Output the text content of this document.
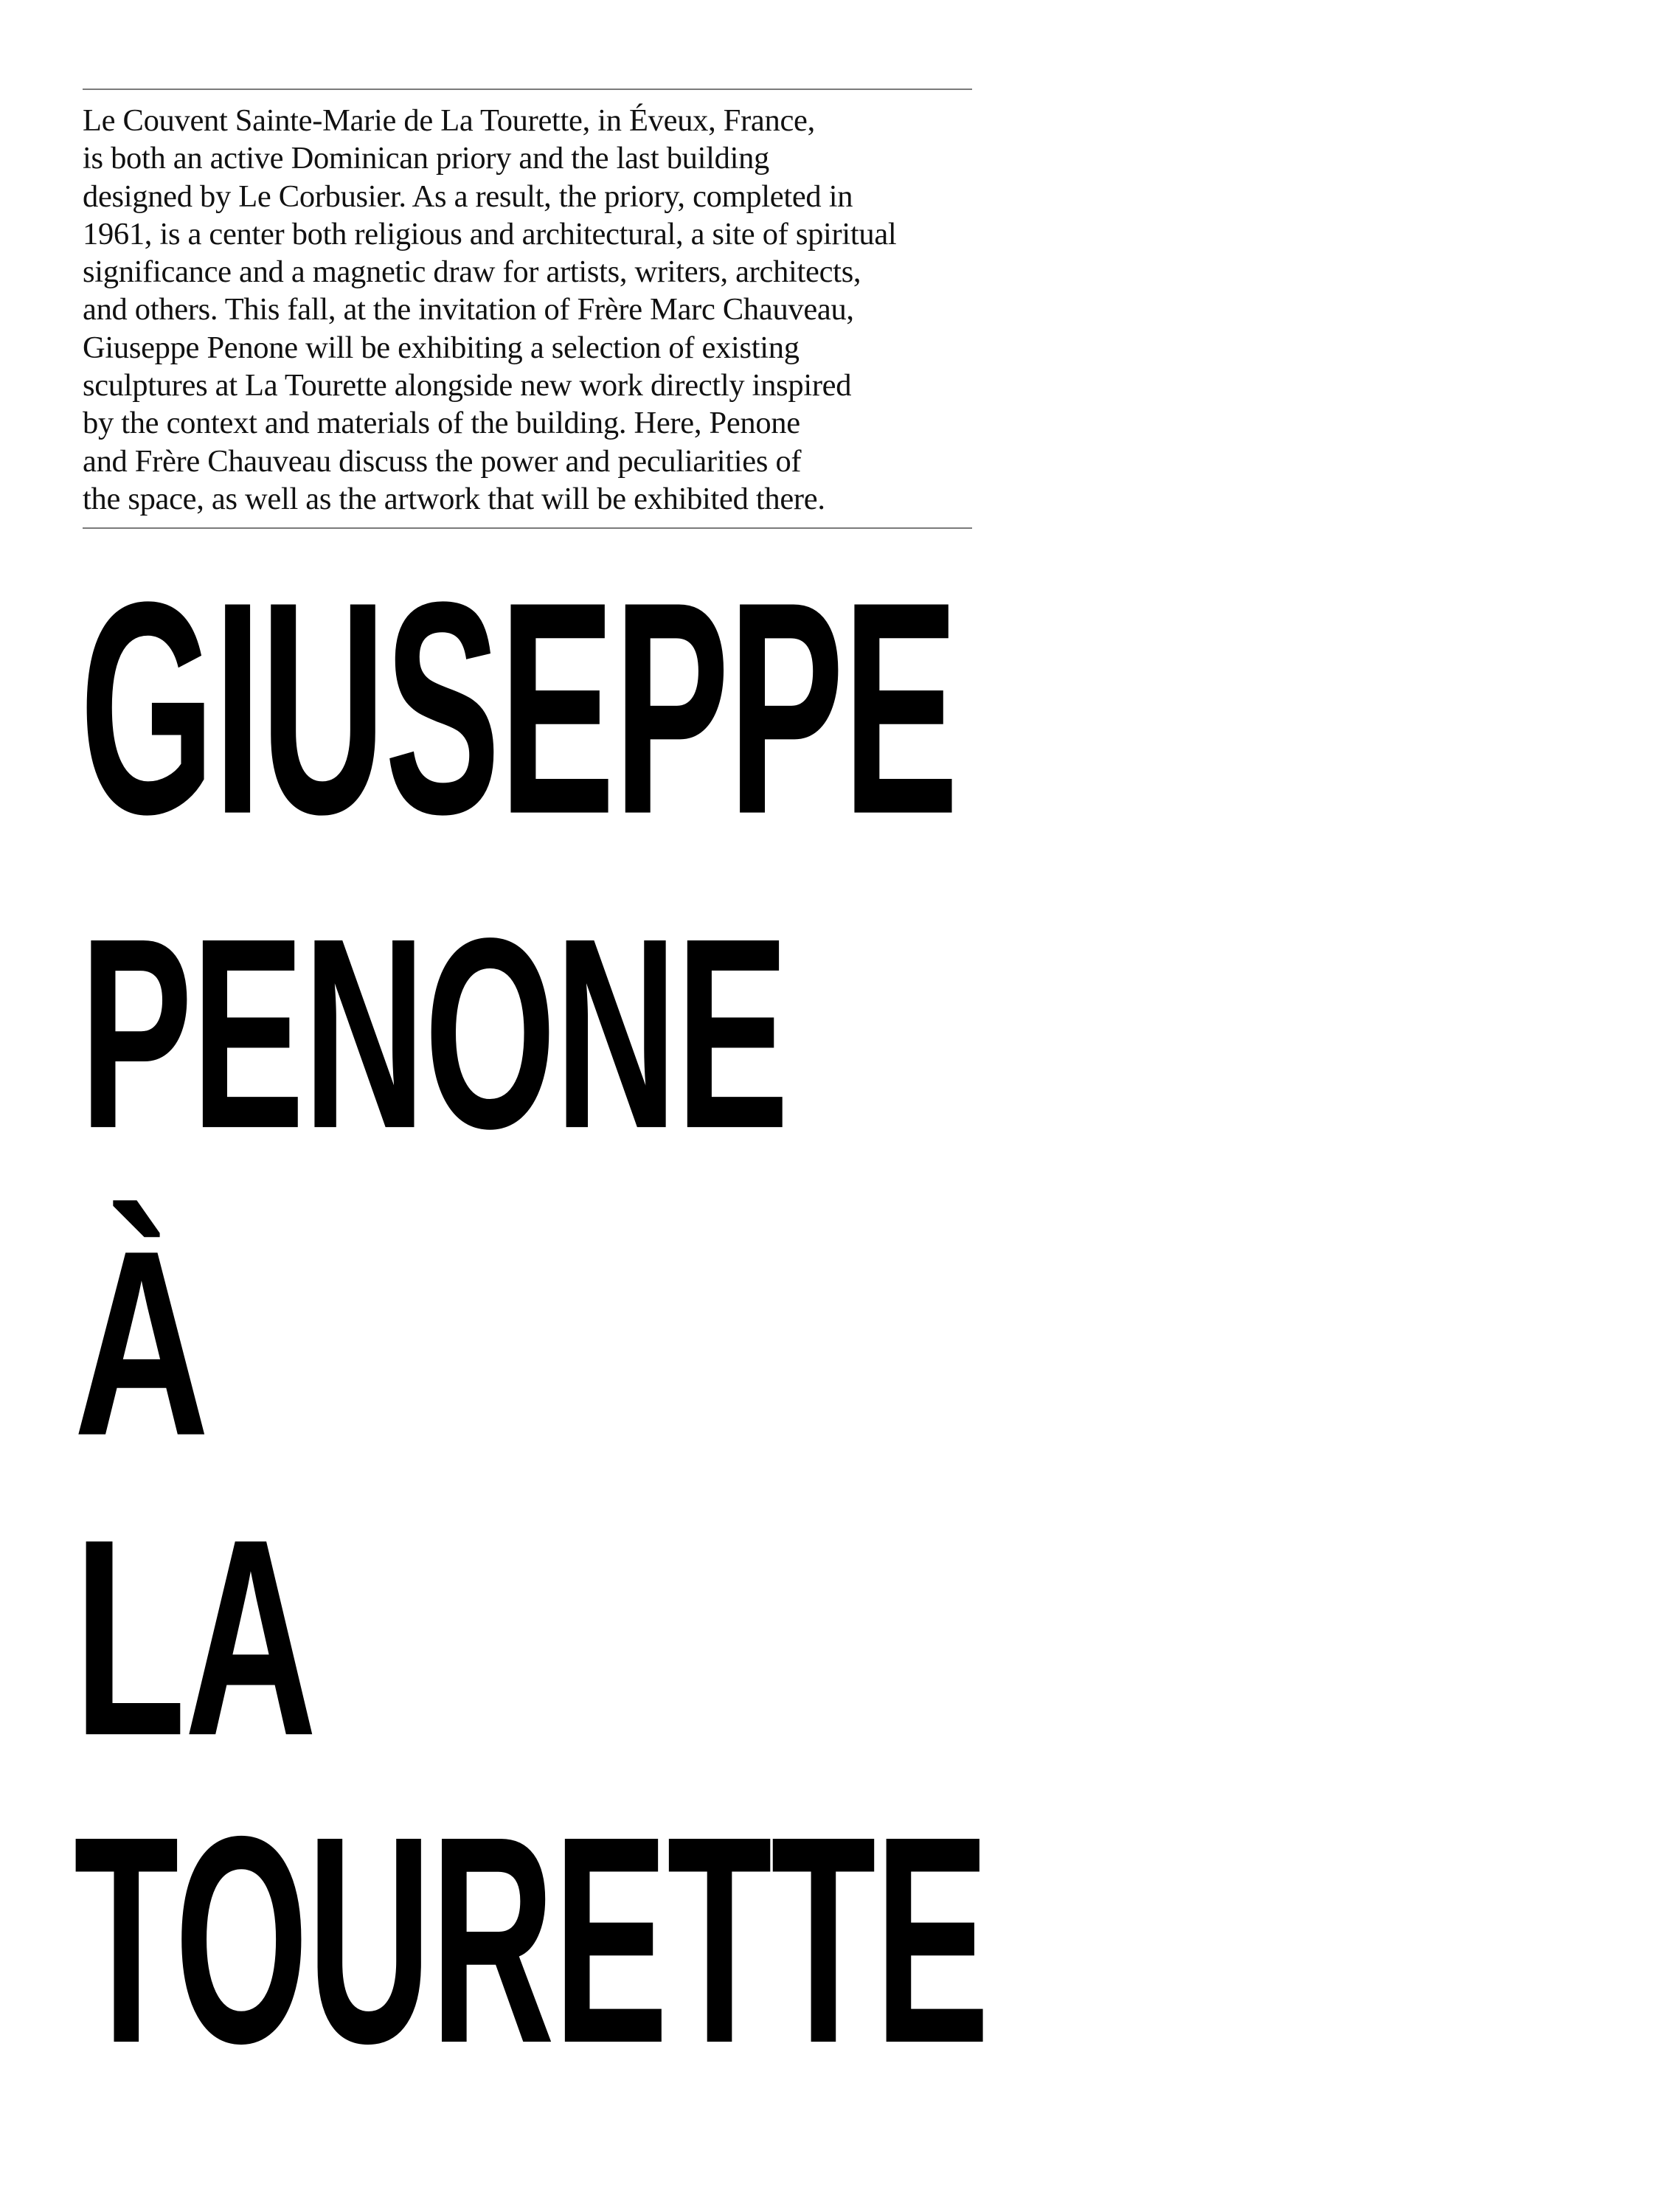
Le Couvent Sainte-Marie de La Tourette, in Éveux, France,
is both an active Dominican priory and the last building
designed by Le Corbusier. As a result, the priory, completed in
1961, is a center both religious and architectural, a site of spiritual
significance and a magnetic draw for artists, writers, architects,
and others. This fall, at the invitation of Frère Marc Chauveau,
Giuseppe Penone will be exhibiting a selection of existing
sculptures at La Tourette alongside new work directly inspired
by the context and materials of the building. Here, Penone
and Frère Chauveau discuss the power and peculiarities of
the space, as well as the artwork that will be exhibited there.

GIUSEPPE
PENONE
À
LA
TOURETTE
